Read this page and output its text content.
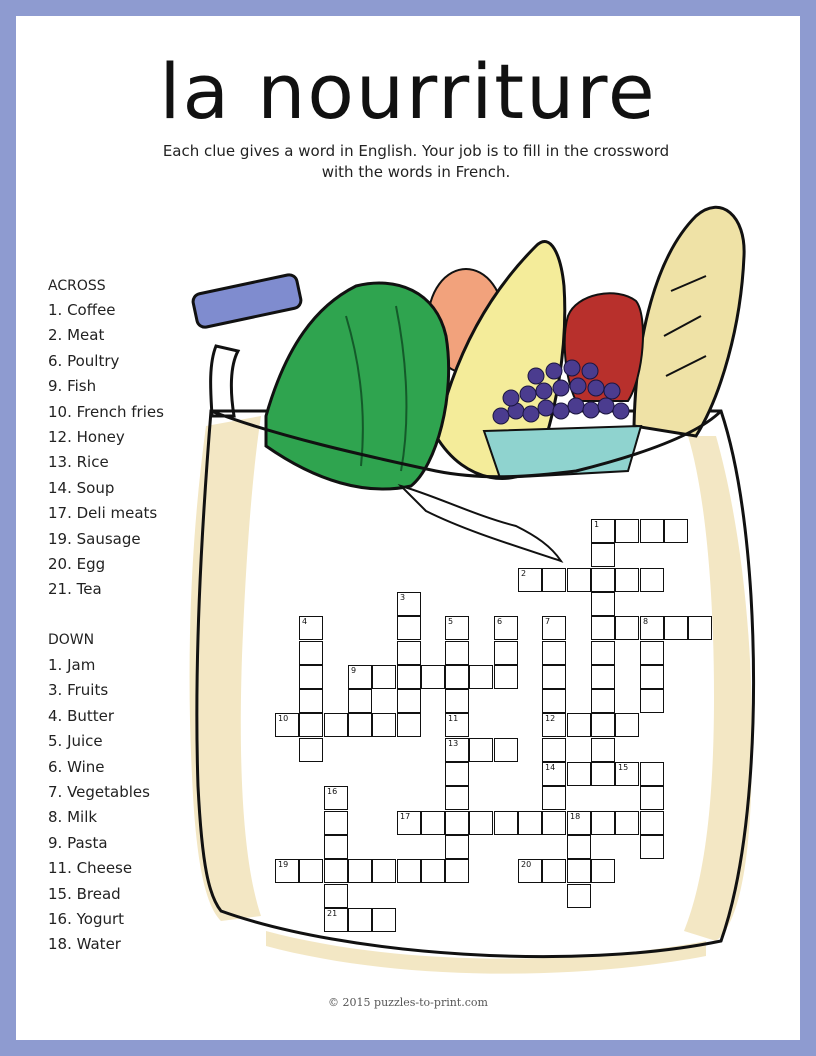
la nourriture
Each clue gives a word in English. Your job is to fill in the crossword
with the words in French.
ACROSS
1. Coffee
2. Meat
6. Poultry
9. Fish
10. French fries
12. Honey
13. Rice
14. Soup
17. Deli meats
19. Sausage
20. Egg
21. Tea
DOWN
1. Jam
3. Fruits
4. Butter
5. Juice
6. Wine
7. Vegetables
8. Milk
9. Pasta
11. Cheese
15. Bread
16. Yogurt
18. Water
1
2
8
9
10	12
13
14	15
17	18
19	20
21
3
4	5
11
6	7
16
© 2015 puzzles-to-print.com
